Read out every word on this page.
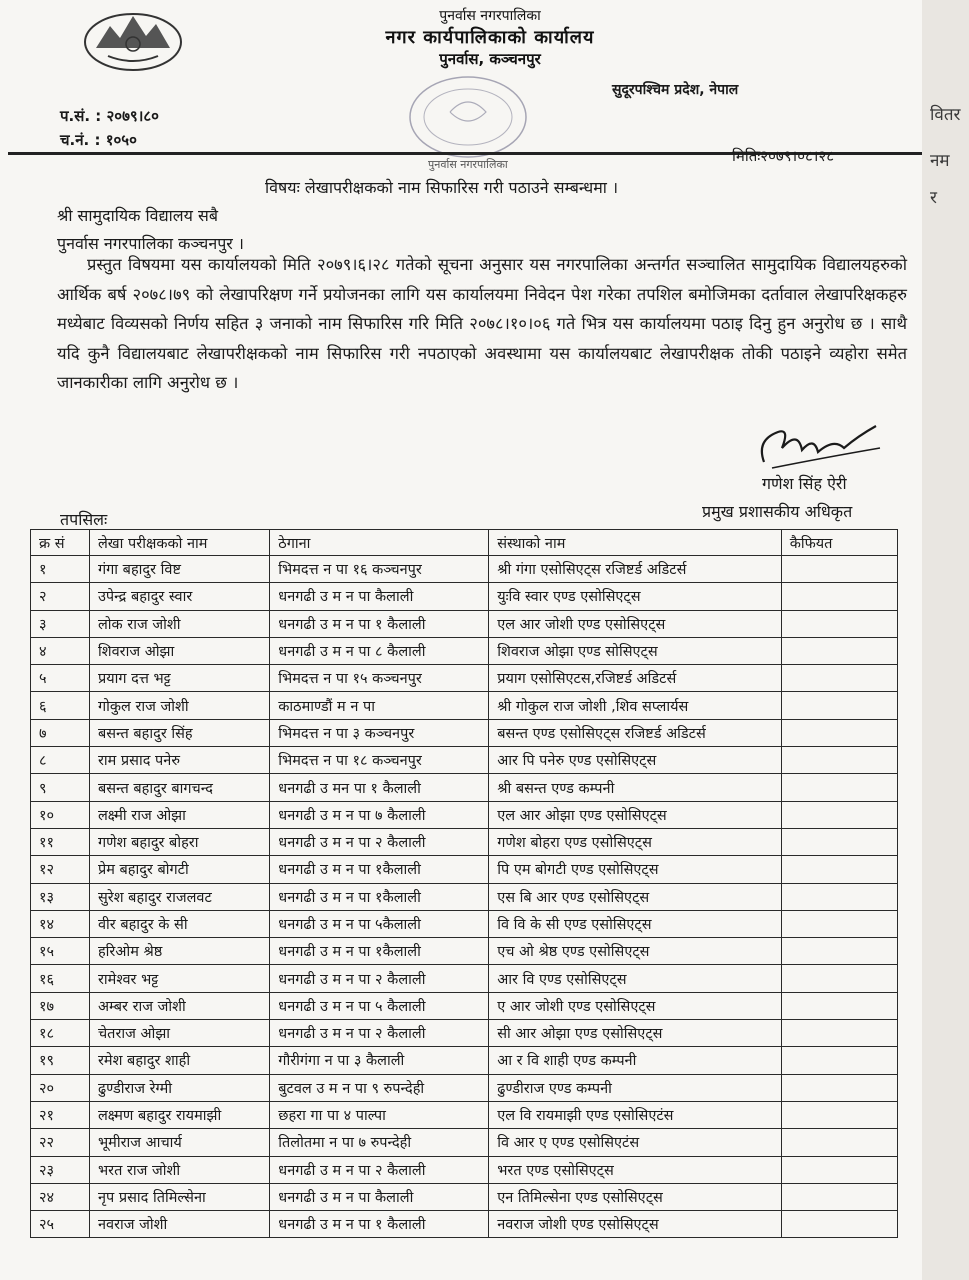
पुनर्वास नगरपालिका
नगर कार्यपालिकाको कार्यालय
पुनर्वास, कञ्चनपुर
सुदूरपश्चिम प्रदेश, नेपाल
पुनर्वास नगरपालिका
प.सं. : २०७९।८०
च.नं. : १०५०
मितिः२०७९।०८।२८
विषयः लेखापरीक्षकको नाम सिफारिस गरी पठाउने सम्बन्धमा ।
श्री सामुदायिक विद्यालय सबै
पुनर्वास नगरपालिका कञ्चनपुर ।
प्रस्तुत विषयमा यस कार्यालयको मिति २०७९।६।२८ गतेको सूचना अनुसार यस नगरपालिका अन्तर्गत सञ्चालित सामुदायिक विद्यालयहरुको आर्थिक बर्ष २०७८।७९ को लेखापरिक्षण गर्ने प्रयोजनका लागि यस कार्यालयमा निवेदन पेश गरेका तपशिल बमोजिमका दर्तावाल लेखापरिक्षकहरु मध्येबाट विव्यसको निर्णय सहित ३ जनाको नाम सिफारिस गरि मिति २०७८।१०।०६ गते भित्र यस कार्यालयमा पठाइ दिनु हुन अनुरोध छ । साथै यदि कुनै विद्यालयबाट लेखापरीक्षकको नाम सिफारिस गरी नपठाएको अवस्थामा यस कार्यालयबाट लेखापरीक्षक तोकी पठाइने व्यहोरा समेत जानकारीका लागि अनुरोध छ ।
गणेश सिंह ऐरी
प्रमुख प्रशासकीय अधिकृत
तपसिलः
क्र सं	लेखा परीक्षकको नाम	ठेगाना	संस्थाको नाम	कैफियत
१	गंगा बहादुर विष्ट	भिमदत्त न पा १६ कञ्चनपुर	श्री गंगा एसोसिएट्स रजिष्टर्ड अडिटर्स	
२	उपेन्द्र बहादुर स्वार	धनगढी उ म न पा कैलाली	युःवि स्वार एण्ड एसोसिएट्स	
३	लोक राज जोशी	धनगढी उ म न पा १ कैलाली	एल आर जोशी एण्ड एसोसिएट्स	
४	शिवराज ओझा	धनगढी उ म न पा ८ कैलाली	शिवराज ओझा एण्ड सोसिएट्स	
५	प्रयाग दत्त भट्ट	भिमदत्त न पा १५ कञ्चनपुर	प्रयाग एसोसिएटस,रजिष्टर्ड अडिटर्स	
६	गोकुल राज जोशी	काठमाण्डौं म न पा	श्री गोकुल राज जोशी ,शिव सप्लार्यस	
७	बसन्त बहादुर सिंह	भिमदत्त न पा ३ कञ्चनपुर	बसन्त एण्ड एसोसिएट्स रजिष्टर्ड अडिटर्स	
८	राम प्रसाद पनेरु	भिमदत्त न पा १८ कञ्चनपुर	आर पि पनेरु एण्ड एसोसिएट्स	
९	बसन्त बहादुर बागचन्द	धनगढी उ मन पा १ कैलाली	श्री बसन्त एण्ड कम्पनी	
१०	लक्ष्मी राज ओझा	धनगढी उ म न पा ७ कैलाली	एल आर ओझा एण्ड एसोसिएट्स	
११	गणेश बहादुर बोहरा	धनगढी उ म न पा २ कैलाली	गणेश बोहरा एण्ड एसोसिएट्स	
१२	प्रेम बहादुर बोगटी	धनगढी उ म न पा १कैलाली	पि एम बोगटी एण्ड एसोसिएट्स	
१३	सुरेश बहादुर राजलवट	धनगढी उ म न पा १कैलाली	एस बि आर एण्ड एसोसिएट्स	
१४	वीर बहादुर के सी	धनगढी उ म न पा ५कैलाली	वि वि के सी एण्ड एसोसिएट्स	
१५	हरिओम श्रेष्ठ	धनगढी उ म न पा १कैलाली	एच ओ श्रेष्ठ एण्ड एसोसिएट्स	
१६	रामेश्वर भट्ट	धनगढी उ म न पा २ कैलाली	आर वि एण्ड एसोसिएट्स	
१७	अम्बर राज जोशी	धनगढी उ म न पा ५ कैलाली	ए आर जोशी एण्ड एसोसिएट्स	
१८	चेतराज ओझा	धनगढी उ म न पा २ कैलाली	सी आर ओझा एण्ड एसोसिएट्स	
१९	रमेश बहादुर शाही	गौरीगंगा न पा ३ कैलाली	आ र वि शाही एण्ड कम्पनी	
२०	ढुण्डीराज रेग्मी	बुटवल उ म न पा ९ रुपन्देही	ढुण्डीराज एण्ड कम्पनी	
२१	लक्ष्मण बहादुर रायमाझी	छहरा गा पा ४ पाल्पा	एल वि रायमाझी एण्ड एसोसिएटंस	
२२	भूमीराज आचार्य	तिलोतमा न पा ७ रुपन्देही	वि आर ए एण्ड एसोसिएटंस	
२३	भरत राज जोशी	धनगढी उ म न पा २ कैलाली	भरत एण्ड एसोसिएट्स	
२४	नृप प्रसाद तिमिल्सेना	धनगढी उ म न पा कैलाली	एन तिमिल्सेना एण्ड एसोसिएट्स	
२५	नवराज जोशी	धनगढी उ म न पा १ कैलाली	नवराज जोशी एण्ड एसोसिएट्स	
वितर
नम
र
